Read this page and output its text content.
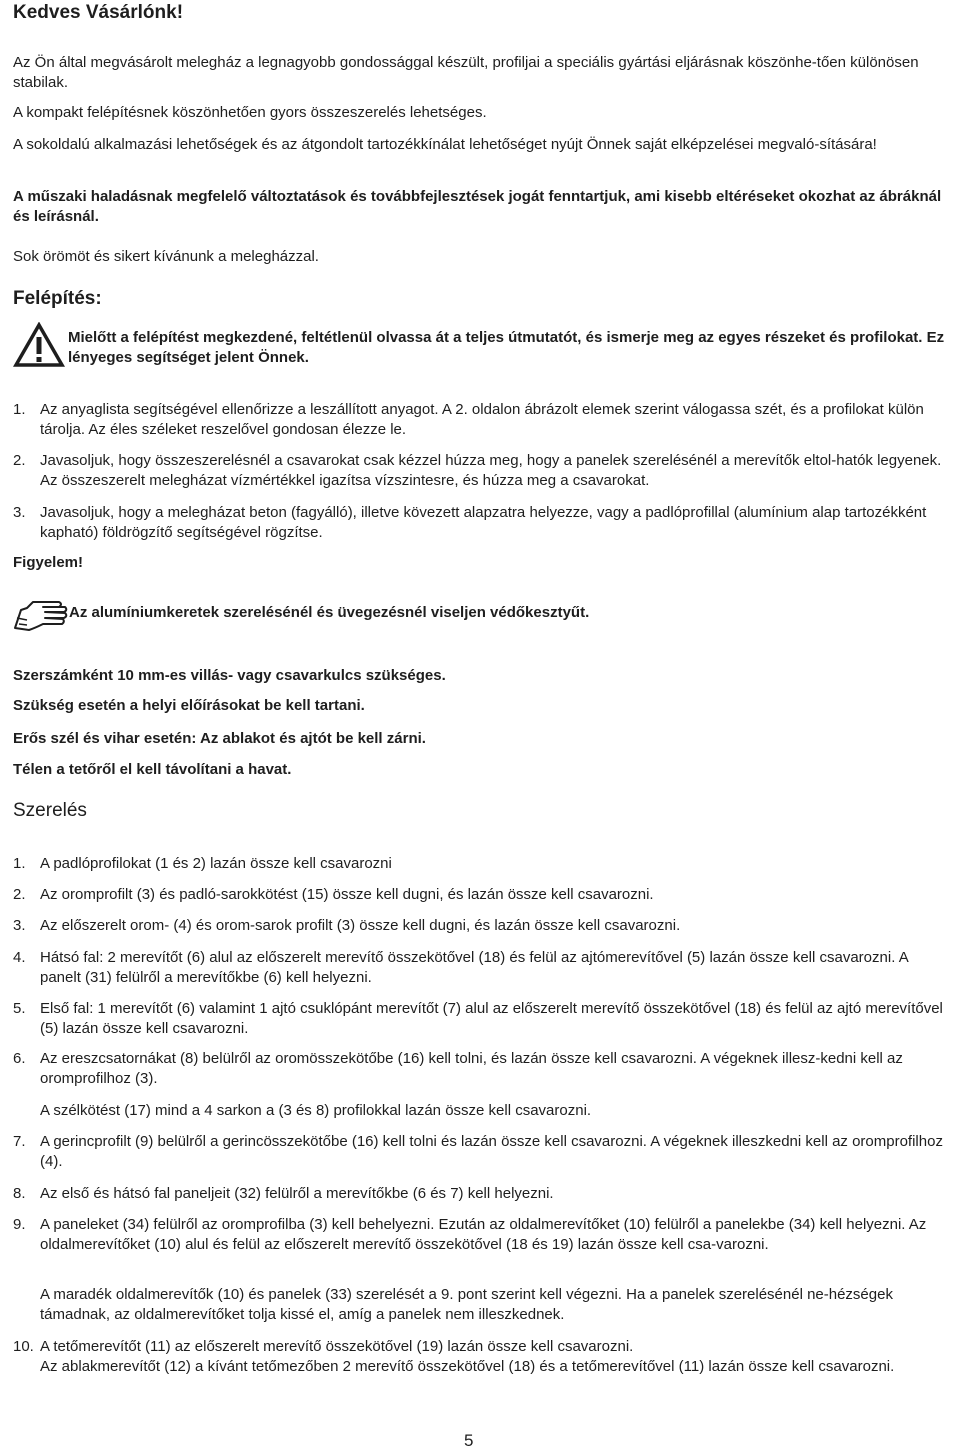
Kedves Vásárlónk!
Az Ön által megvásárolt melegház a legnagyobb gondossággal készült, profiljai a speciális gyártási eljárásnak köszönhe-tően különösen stabilak.
A kompakt felépítésnek köszönhetően gyors összeszerelés lehetséges.
A sokoldalú alkalmazási lehetőségek és az átgondolt tartozékkínálat lehetőséget nyújt Önnek saját elképzelései megvaló-sítására!
A műszaki haladásnak megfelelő változtatások és továbbfejlesztések jogát fenntartjuk, ami kisebb eltéréseket okozhat az ábráknál és leírásnál.
Sok örömöt és sikert kívánunk a melegházzal.
Felépítés:
Mielőtt a felépítést megkezdené, feltétlenül olvassa át a teljes útmutatót, és ismerje meg az egyes részeket és profilokat. Ez lényeges segítséget jelent Önnek.
1. Az anyaglista segítségével ellenőrizze a leszállított anyagot. A 2. oldalon ábrázolt elemek szerint válogassa szét, és a profilokat külön tárolja. Az éles széleket reszelővel gondosan élezze le.
2. Javasoljuk, hogy összeszerelésnél a csavarokat csak kézzel húzza meg, hogy a panelek szerelésénél a merevítők eltol-hatók legyenek. Az összeszerelt melegházat vízmértékkel igazítsa vízszintesre, és húzza meg a csavarokat.
3. Javasoljuk, hogy a melegházat beton (fagyálló), illetve kövezett alapzatra helyezze, vagy a padlóprofillal (alumínium alap tartozékként kapható) földrögzítő segítségével rögzítse.
Figyelem!
Az alumíniumkeretek szerelésénél és üvegezésnél viseljen védőkesztyűt.
Szerszámként 10 mm-es villás- vagy csavarkulcs szükséges.
Szükség esetén a helyi előírásokat be kell tartani.
Erős szél és vihar esetén: Az ablakot és ajtót be kell zárni.
Télen a tetőről el kell távolítani a havat.
Szerelés
1. A padlóprofilokat (1 és 2) lazán össze kell csavarozni
2. Az oromprofilt (3) és padló-sarokkötést (15) össze kell dugni, és lazán össze kell csavarozni.
3. Az előszerelt orom- (4) és orom-sarok profilt (3) össze kell dugni, és lazán össze kell csavarozni.
4. Hátsó fal: 2 merevítőt (6) alul az előszerelt merevítő összekötővel (18) és felül az ajtómerevítővel (5) lazán össze kell csavarozni. A panelt (31) felülről a merevítőkbe (6) kell helyezni.
5. Első fal: 1 merevítőt (6) valamint 1 ajtó csuklópánt merevítőt (7) alul az előszerelt merevítő összekötővel (18) és felül az ajtó merevítővel (5) lazán össze kell csavarozni.
6. Az ereszcsatornákat (8) belülről az oromösszekötőbe (16) kell tolni, és lazán össze kell csavarozni. A végeknek illesz-kedni kell az oromprofilhoz (3).
A szélkötést (17) mind a 4 sarkon a (3 és 8) profilokkal lazán össze kell csavarozni.
7. A gerincprofilt (9) belülről a gerincösszekötőbe (16) kell tolni és lazán össze kell csavarozni. A végeknek illeszkedni kell az oromprofilhoz (4).
8. Az első és hátsó fal paneljeit (32) felülről a merevítőkbe (6 és 7) kell helyezni.
9. A paneleket (34) felülről az oromprofilba (3) kell behelyezni. Ezután az oldalmerevítőket (10) felülről a panelekbe (34) kell helyezni. Az oldalmerevítőket (10) alul és felül az előszerelt merevítő összekötővel (18 és 19) lazán össze kell csa-varozni.
A maradék oldalmerevítők (10) és panelek (33) szerelését a 9. pont szerint kell végezni. Ha a panelek szerelésénél ne-hézségek támadnak, az oldalmerevítőket tolja kissé el, amíg a panelek nem illeszkednek.
10. A tetőmerevítőt (11) az előszerelt merevítő összekötővel (19) lazán össze kell csavarozni.
Az ablakmerevítőt (12) a kívánt tetőmezőben 2 merevítő összekötővel (18) és a tetőmerevítővel (11) lazán össze kell csavarozni.
5
